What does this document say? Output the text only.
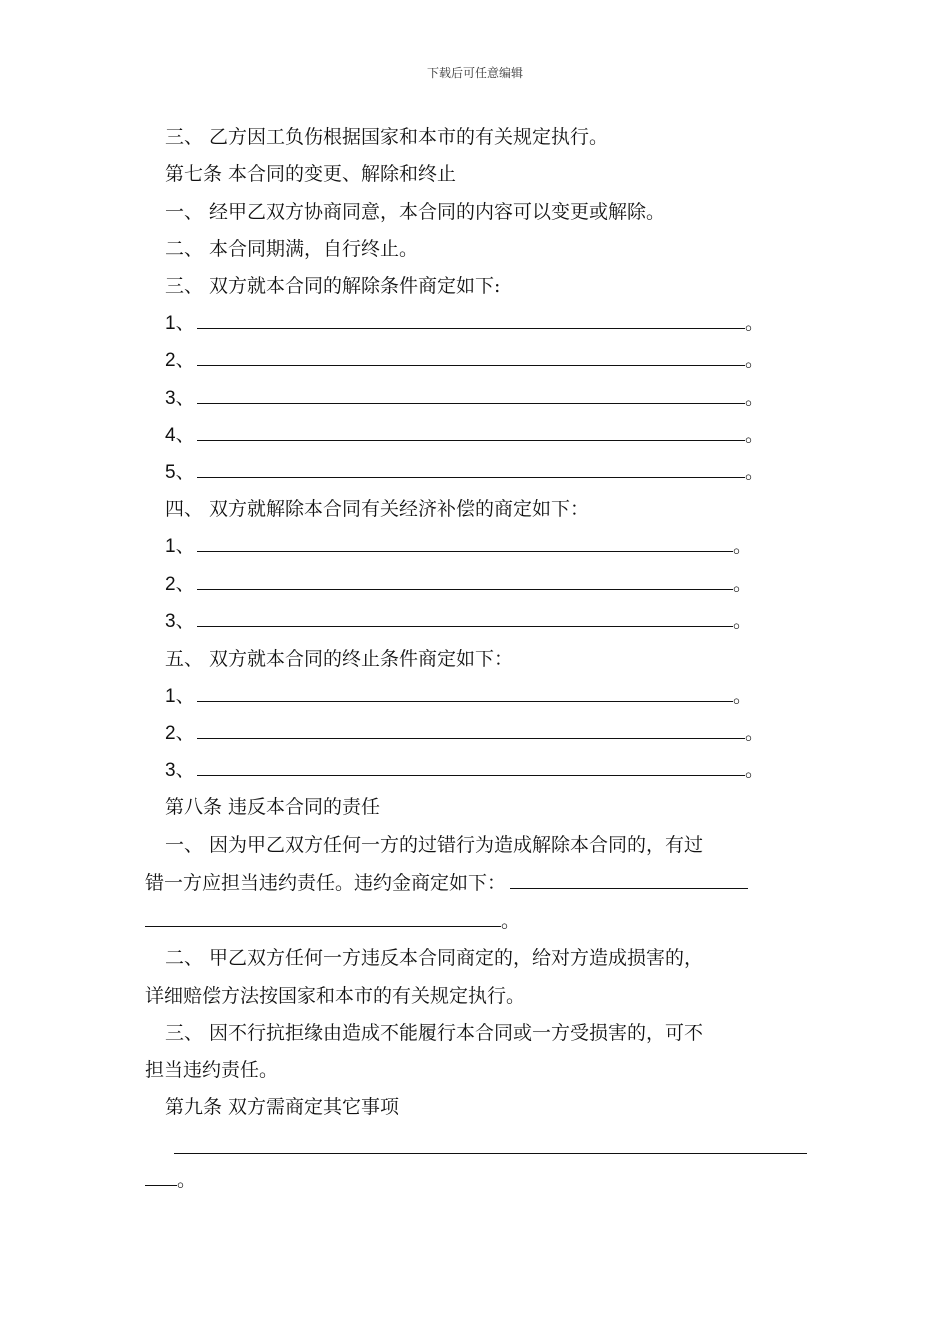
下载后可任意编辑
三、 乙方因工负伤根据国家和本市的有关规定执行。
第七条 本合同的变更、解除和终止
一、 经甲乙双方协商同意，本合同的内容可以变更或解除。
二、 本合同期满，自行终止。
三、 双方就本合同的解除条件商定如下:
1、	。
2、	。
3、	。
4、	。
5、	。
四、 双方就解除本合同有关经济补偿的商定如下：
1、	。
2、	。
3、	。
五、 双方就本合同的终止条件商定如下：
1、	。
2、	。
3、	。
第八条 违反本合同的责任
一、 因为甲乙双方任何一方的过错行为造成解除本合同的，有过
错一方应担当违约责任。违约金商定如下：
。
二、 甲乙双方任何一方违反本合同商定的，给对方造成损害的，
详细赔偿方法按国家和本市的有关规定执行。
三、 因不行抗拒缘由造成不能履行本合同或一方受损害的，可不
担当违约责任。
第九条 双方需商定其它事项
。
